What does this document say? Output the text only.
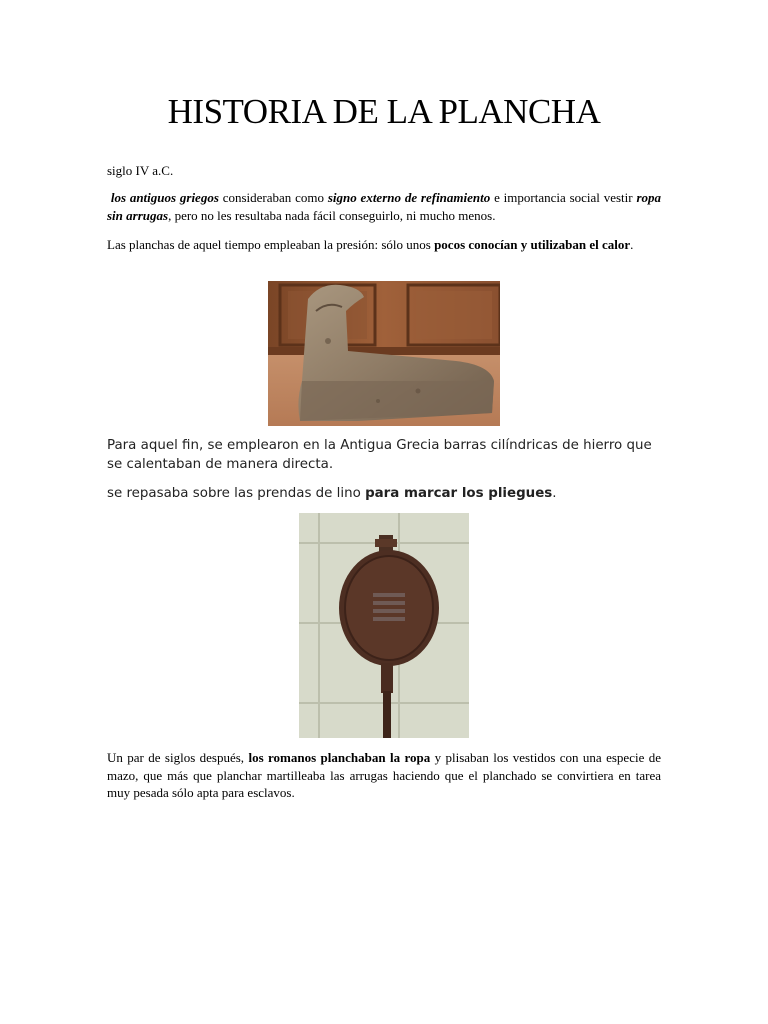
HISTORIA DE LA PLANCHA

siglo IV a.C.

los antiguos griegos consideraban como signo externo de refinamiento e importancia social vestir ropa sin arrugas, pero no les resultaba nada fácil conseguirlo, ni mucho menos.

Las planchas de aquel tiempo empleaban la presión: sólo unos pocos conocían y utilizaban el calor.

Para aquel fin, se emplearon en la Antigua Grecia barras cilíndricas de hierro que se calentaban de manera directa.

se repasaba sobre las prendas de lino para marcar los pliegues.

Un par de siglos después, los romanos planchaban la ropa y plisaban los vestidos con una especie de mazo, que más que planchar martilleaba las arrugas haciendo que el planchado se convirtiera en tarea muy pesada sólo apta para esclavos.
